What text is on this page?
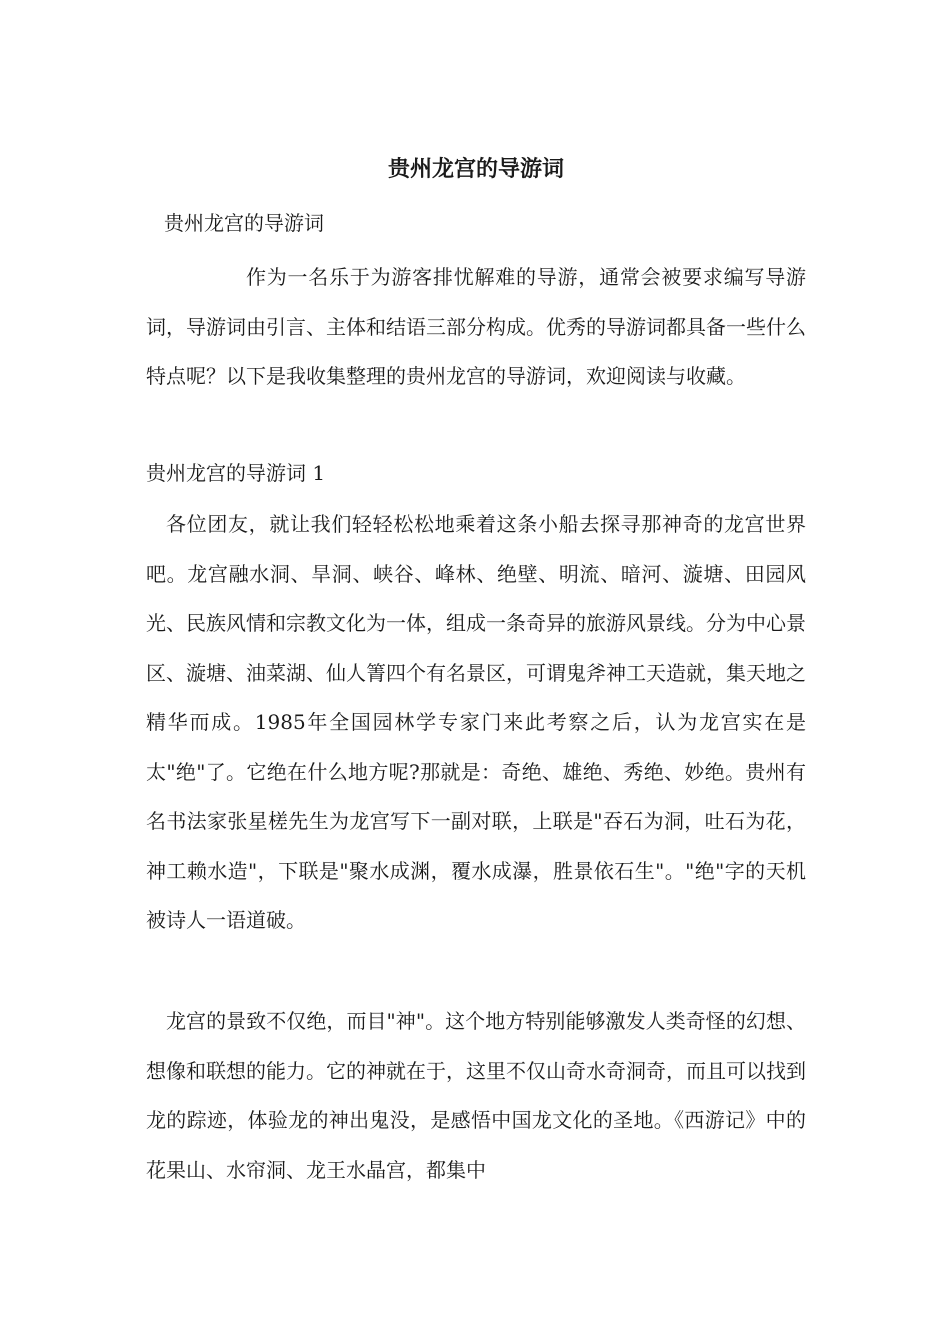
贵州龙宫的导游词

贵州龙宫的导游词

作为一名乐于为游客排忧解难的导游，通常会被要求编写导游词，导游词由引言、主体和结语三部分构成。优秀的导游词都具备一些什么特点呢？以下是我收集整理的贵州龙宫的导游词，欢迎阅读与收藏。

贵州龙宫的导游词 1

各位团友，就让我们轻轻松松地乘着这条小船去探寻那神奇的龙宫世界吧。龙宫融水洞、旱洞、峡谷、峰林、绝壁、明流、暗河、漩塘、田园风光、民族风情和宗教文化为一体，组成一条奇异的旅游风景线。分为中心景区、漩塘、油菜湖、仙人箐四个有名景区，可谓鬼斧神工天造就，集天地之精华而成。1985年全国园林学专家门来此考察之后，认为龙宫实在是太"绝"了。它绝在什么地方呢?那就是：奇绝、雄绝、秀绝、妙绝。贵州有名书法家张星槎先生为龙宫写下一副对联，上联是"吞石为洞，吐石为花，神工赖水造"，下联是"聚水成渊，覆水成瀑，胜景依石生"。"绝"字的天机被诗人一语道破。

龙宫的景致不仅绝，而目"神"。这个地方特别能够激发人类奇怪的幻想、想像和联想的能力。它的神就在于，这里不仅山奇水奇洞奇，而且可以找到龙的踪迹，体验龙的神出鬼没，是感悟中国龙文化的圣地。《西游记》中的花果山、水帘洞、龙王水晶宫，都集中
